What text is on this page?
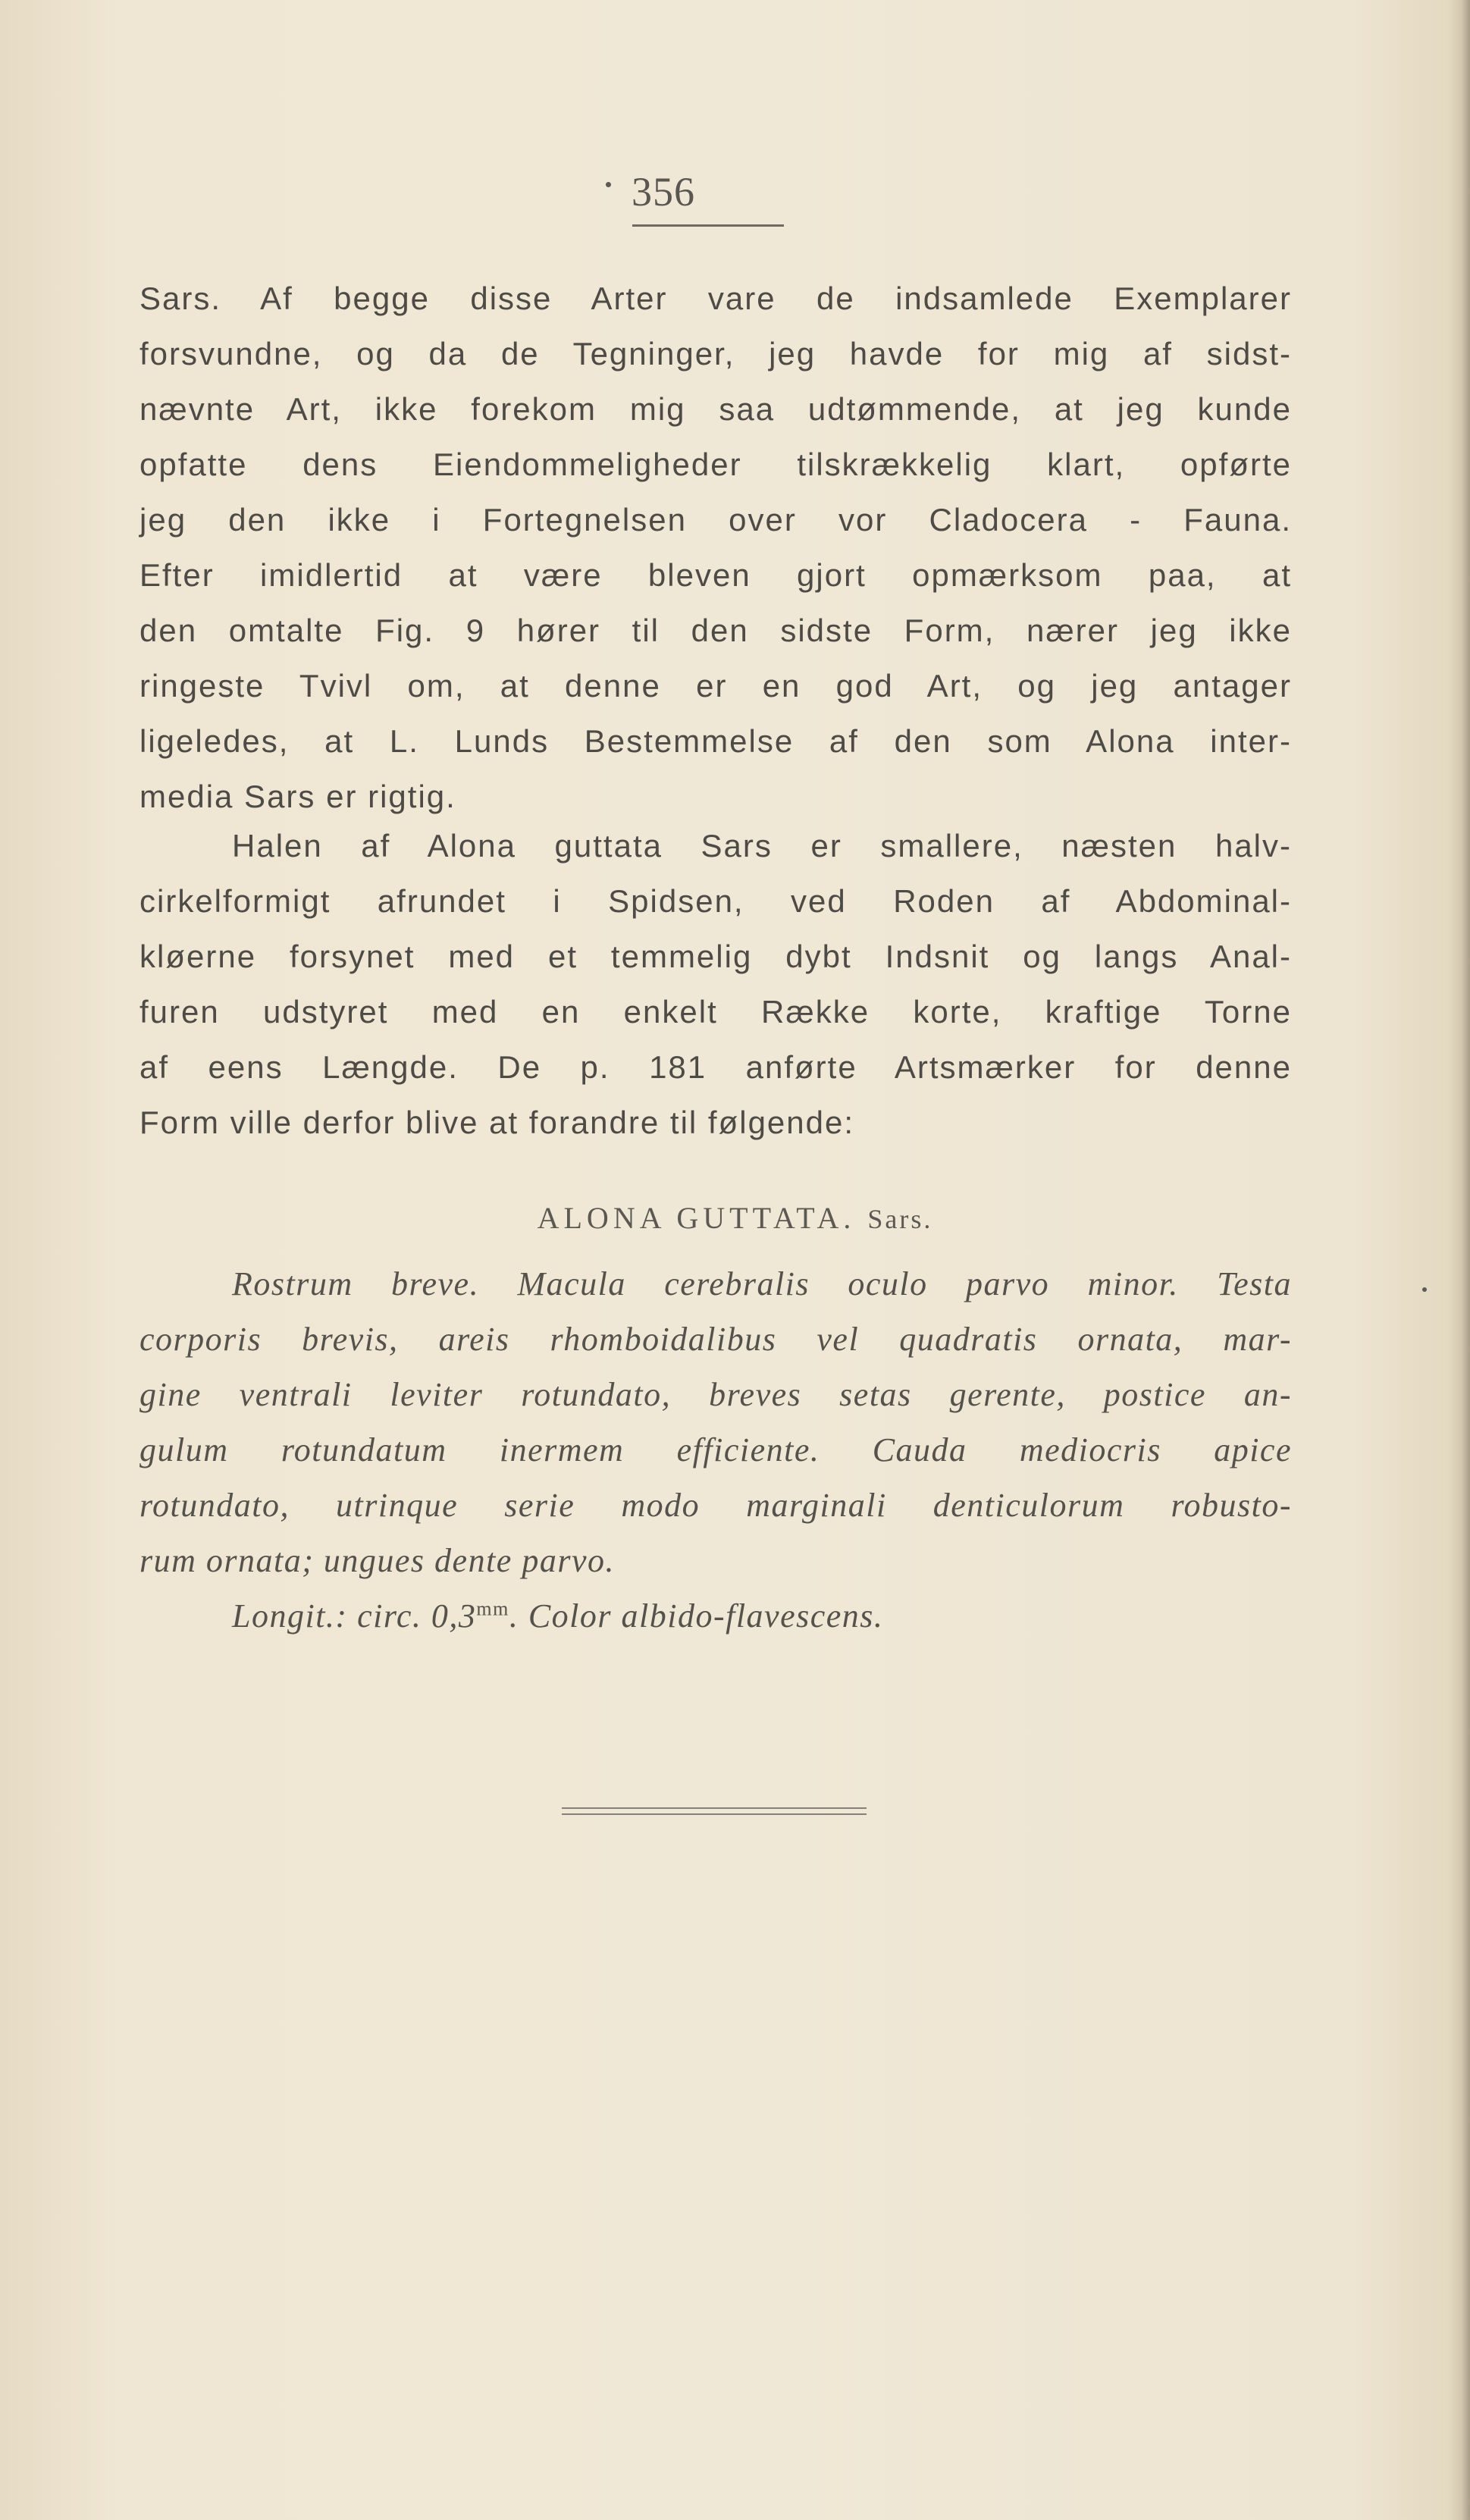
356
Sars. Af begge disse Arter vare de indsamlede Exemplarer
forsvundne, og da de Tegninger, jeg havde for mig af sidst-
nævnte Art, ikke forekom mig saa udtømmende, at jeg kunde
opfatte dens Eiendommeligheder tilskrækkelig klart, opførte
jeg den ikke i Fortegnelsen over vor Cladocera - Fauna.
Efter imidlertid at være bleven gjort opmærksom paa, at
den omtalte Fig. 9 hører til den sidste Form, nærer jeg ikke
ringeste Tvivl om, at denne er en god Art, og jeg antager
ligeledes, at L. Lunds Bestemmelse af den som Alona inter-
media Sars er rigtig.
Halen af Alona guttata Sars er smallere, næsten halv-
cirkelformigt afrundet i Spidsen, ved Roden af Abdominal-
kløerne forsynet med et temmelig dybt Indsnit og langs Anal-
furen udstyret med en enkelt Række korte, kraftige Torne
af eens Længde. De p. 181 anførte Artsmærker for denne
Form ville derfor blive at forandre til følgende:
ALONA GUTTATA. Sars.
Rostrum breve. Macula cerebralis oculo parvo minor. Testa
corporis brevis, areis rhomboidalibus vel quadratis ornata, mar-
gine ventrali leviter rotundato, breves setas gerente, postice an-
gulum rotundatum inermem efficiente. Cauda mediocris apice
rotundato, utrinque serie modo marginali denticulorum robusto-
rum ornata; ungues dente parvo.
Longit.: circ. $0,3^{mm}$. Color albido-flavescens.
